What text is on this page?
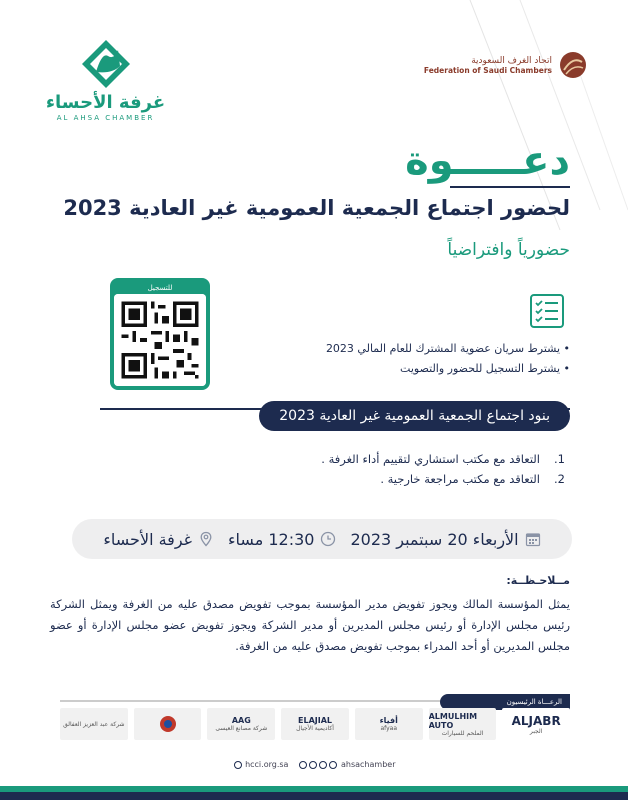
غرفة الأحساء
AL AHSA CHAMBER
اتحاد الغرف السعودية
Federation of Saudi Chambers
دعـــــوة
لحضور اجتماع الجمعية العمومية غير العادية 2023
حضورياً وافتراضياً
للتسجيل
• يشترط سريان عضوية المشترك للعام المالي 2023
• يشترط التسجيل للحضور والتصويت
بنود اجتماع الجمعية العمومية غير العادية 2023
1.
التعاقد مع مكتب استشاري لتقييم أداء الغرفة .
2.
التعاقد مع مكتب مراجعة خارجية .
الأربعاء 20 سبتمبر 2023
12:30 مساء
غرفة الأحساء
مــلاحـظــة:
يمثل المؤسسة المالك ويجوز تفويض مدير المؤسسة بموجب تفويض مصدق عليه من الغرفة ويمثل الشركة رئيس مجلس الإدارة أو رئيس مجلس المديرين أو مدير الشركة ويجوز تفويض عضو مجلس الإدارة أو عضو مجلس المديرين أو أحد المدراء بموجب تفويض مصدق عليه من الغرفة.
الرعـــاة الرئيسيون
شركة عبد العزيز العفالق	AAG
شركة مصانع العيسى
ELAJIAL
أكاديمية الأجيال
أفياء
afyaa
ALMULHIM AUTO
الملحم للسيارات
ALJABR
الجبر
hcci.org.sa	ahsachamber
